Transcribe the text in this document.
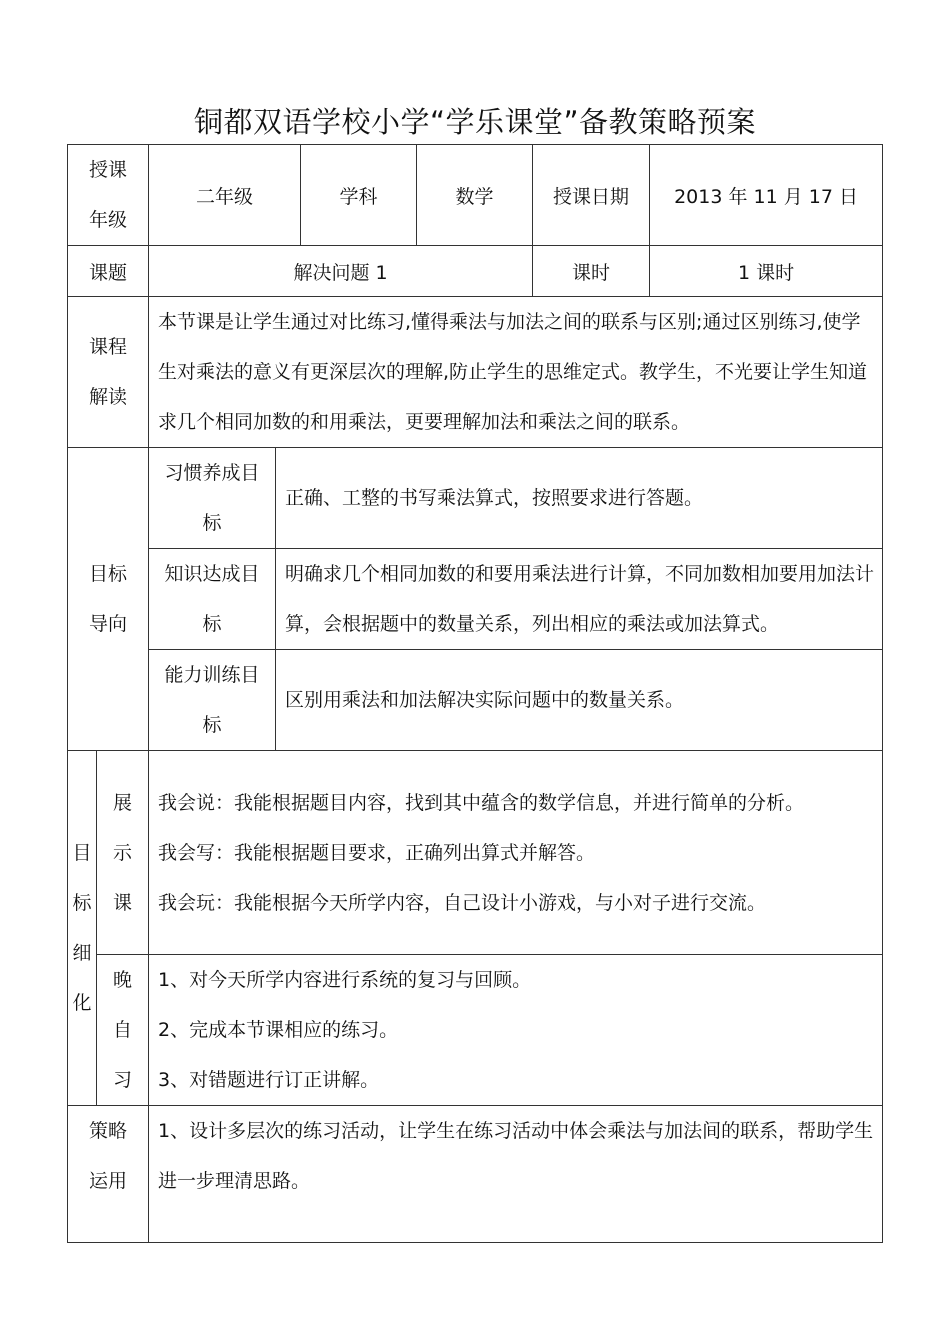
铜都双语学校小学“学乐课堂”备教策略预案
授课
年级		二年级		学科	数学	授课日期	2013 年 11 月 17 日
课题		解决问题 1				课时	1 课时

课程
解读		本节课是让学生通过对比练习,懂得乘法与加法之间的联系与区别;通过区别练习,使学生对乘法的意义有更深层次的理解,防止学生的思维定式。教学生，不光要让学生知道求几个相同加数的和用乘法，更要理解加法和乘法之间的联系。					

目标
导向		习惯养成目
标	正确、工整的书写乘法算式，按照要求进行答题。				

		知识达成目
标	明确求几个相同加数的和要用乘法进行计算，不同加数相加要用加法计算，会根据题中的数量关系，列出相应的乘法或加法算式。				

		能力训练目
标	区别用乘法和加法解决实际问题中的数量关系。				

目
标
细
化	展
示
课	我会说：我能根据题目内容，找到其中蕴含的数学信息，并进行简单的分析。
我会写：我能根据题目要求，正确列出算式并解答。
我会玩：我能根据今天所学内容，自己设计小游戏，与小对子进行交流。					

	晚
自
习	1、对今天所学内容进行系统的复习与回顾。
2、完成本节课相应的练习。
3、对错题进行订正讲解。					

策略
运用		1、设计多层次的练习活动，让学生在练习活动中体会乘法与加法间的联系，帮助学生进一步理清思路。					
